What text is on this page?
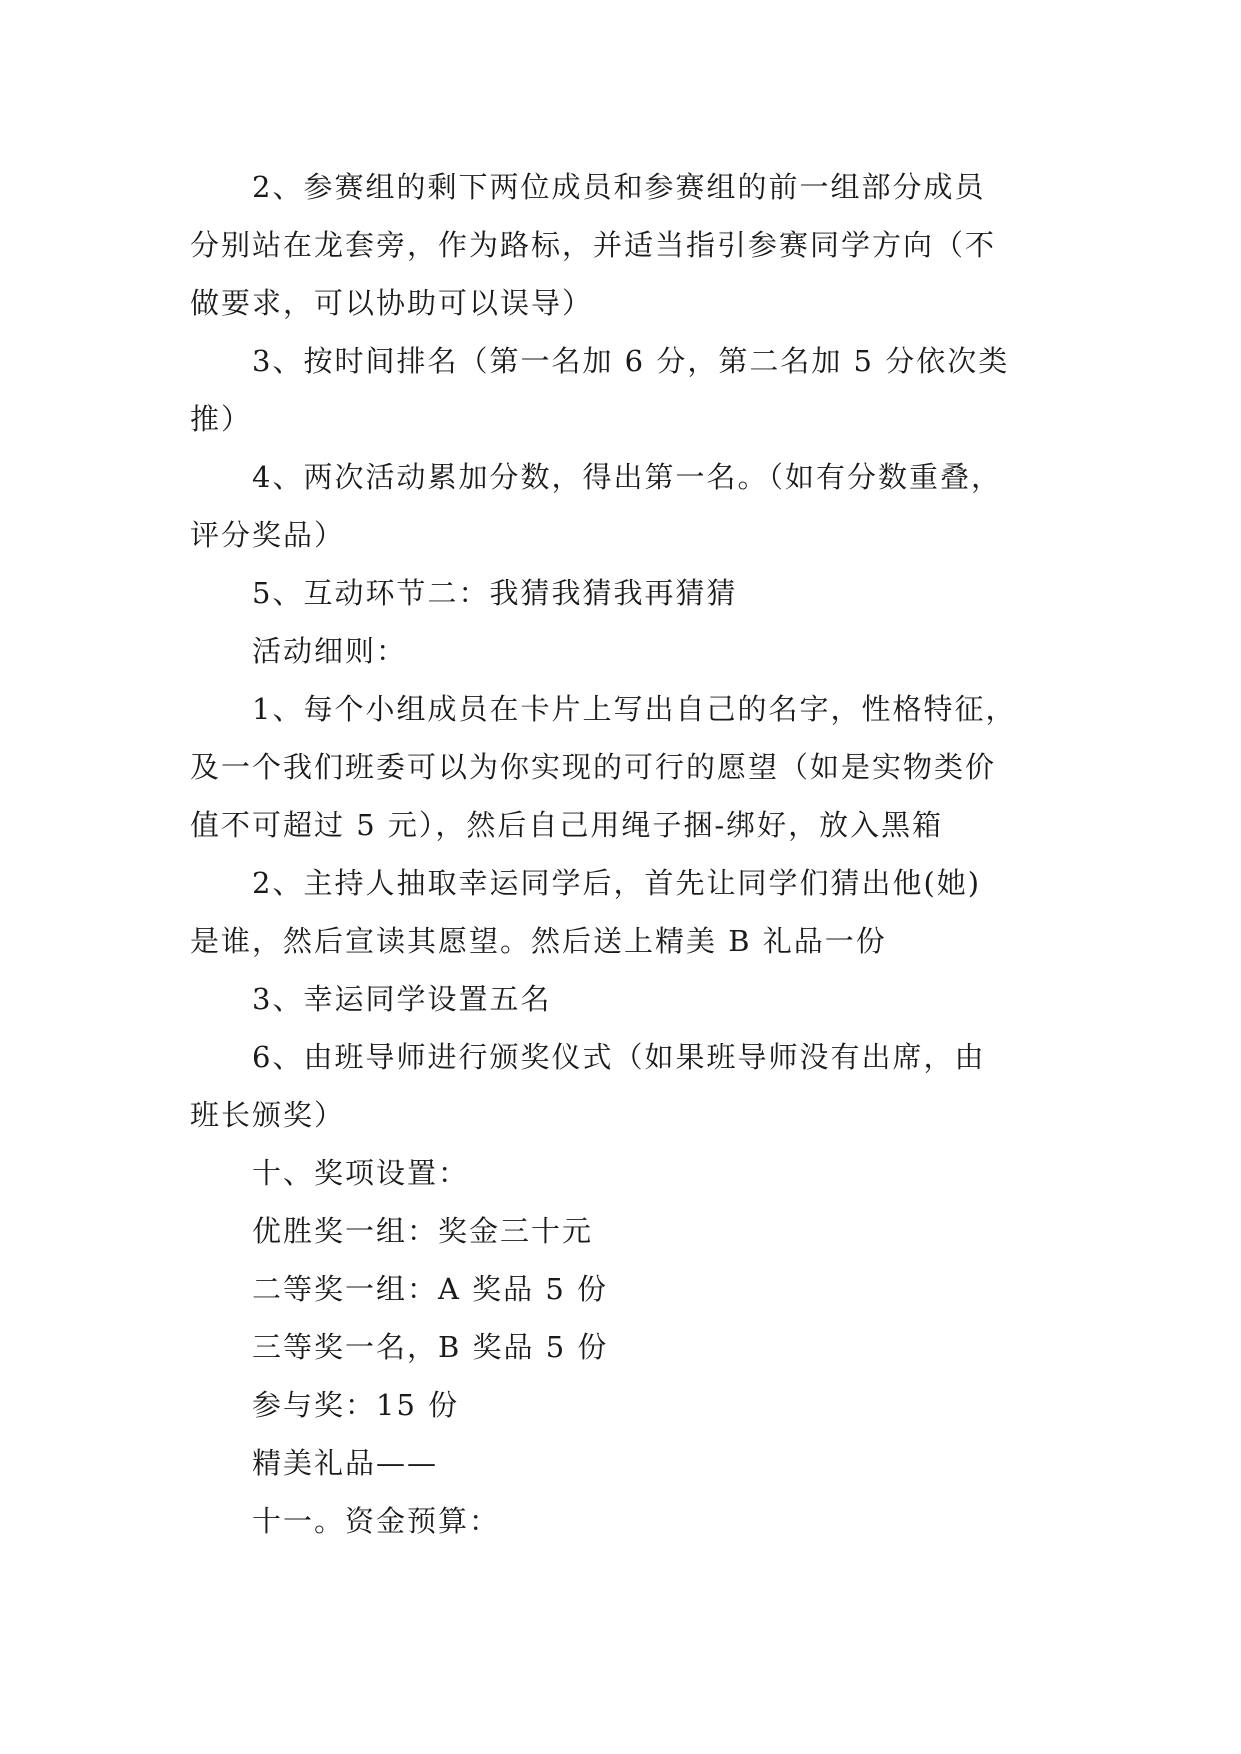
2、参赛组的剩下两位成员和参赛组的前一组部分成员
分别站在龙套旁，作为路标，并适当指引参赛同学方向（不
做要求，可以协助可以误导）
3、按时间排名（第一名加 6 分，第二名加 5 分依次类
推）
4、两次活动累加分数，得出第一名。（如有分数重叠，
评分奖品）
5、互动环节二：我猜我猜我再猜猜
活动细则：
1、每个小组成员在卡片上写出自己的名字，性格特征，
及一个我们班委可以为你实现的可行的愿望（如是实物类价
值不可超过 5 元），然后自己用绳子捆-绑好，放入黑箱
2、主持人抽取幸运同学后，首先让同学们猜出他(她)
是谁，然后宣读其愿望。然后送上精美 B 礼品一份
3、幸运同学设置五名
6、由班导师进行颁奖仪式（如果班导师没有出席，由
班长颁奖）
十、奖项设置：
优胜奖一组：奖金三十元
二等奖一组：A 奖品 5 份
三等奖一名，B 奖品 5 份
参与奖：15 份
精美礼品——
十一。资金预算：
